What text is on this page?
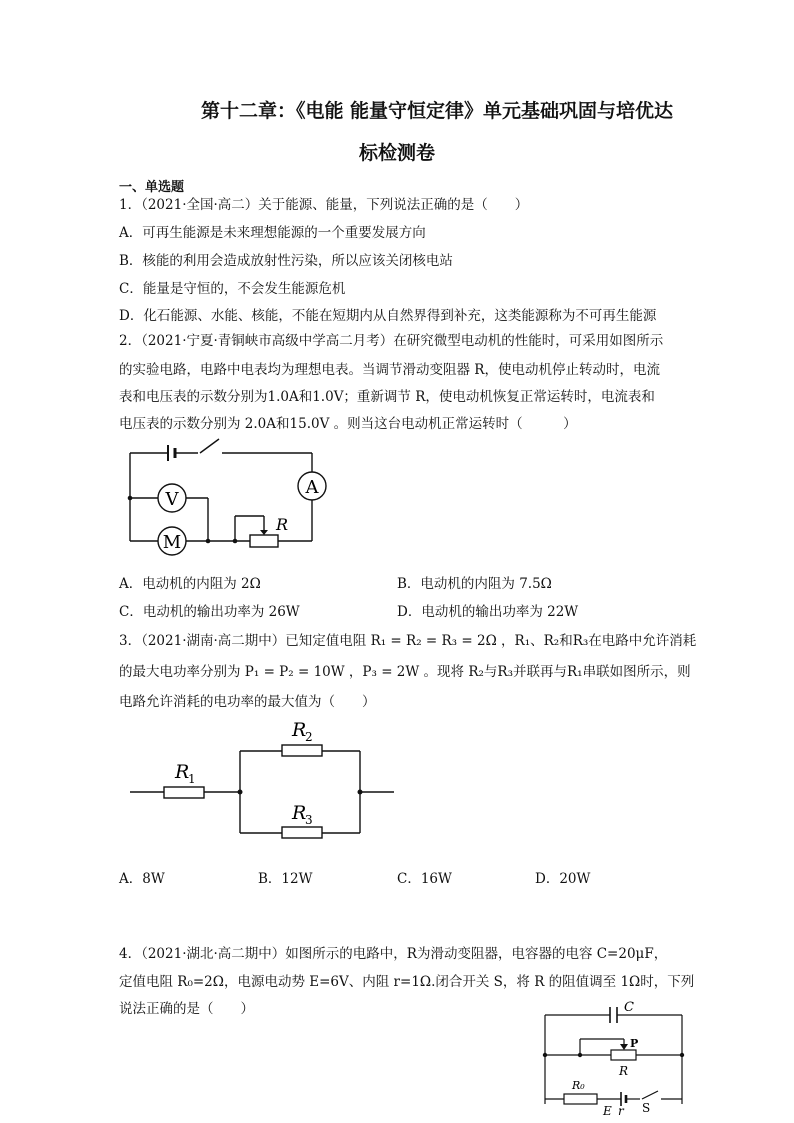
第十二章：《电能 能量守恒定律》单元基础巩固与培优达
标检测卷
一、单选题
1．（2021·全国·高二）关于能源、能量，下列说法正确的是（　　）
A．可再生能源是未来理想能源的一个重要发展方向
B．核能的利用会造成放射性污染，所以应该关闭核电站
C．能量是守恒的，不会发生能源危机
D．化石能源、水能、核能，不能在短期内从自然界得到补充，这类能源称为不可再生能源
2．（2021·宁夏·青铜峡市高级中学高二月考）在研究微型电动机的性能时，可采用如图所示
的实验电路，电路中电表均为理想电表。当调节滑动变阻器 R，使电动机停止转动时，电流
表和电压表的示数分别为1.0A和1.0V；重新调节 R，使电动机恢复正常运转时，电流表和
电压表的示数分别为 2.0A和15.0V 。则当这台电动机正常运转时（　　　）
V
M
A
R
A．电动机的内阻为 2Ω	B．电动机的内阻为 7.5Ω
C．电动机的输出功率为 26W	D．电动机的输出功率为 22W
3．（2021·湖南·高二期中）已知定值电阻 R₁ = R₂ = R₃ = 2Ω ，R₁、R₂和R₃在电路中允许消耗
的最大电功率分别为 P₁ = P₂ = 10W ，P₃ = 2W 。现将 R₂与R₃并联再与R₁串联如图所示，则
电路允许消耗的电功率的最大值为（　　）
R
1
R
2
R
3
A．8W	B．12W	C．16W	D．20W
4．（2021·湖北·高二期中）如图所示的电路中，R为滑动变阻器，电容器的电容 C=20μF，
定值电阻 R₀=2Ω，电源电动势 E=6V、内阻 r=1Ω.闭合开关 S，将 R 的阻值调至 1Ω时，下列
说法正确的是（　　）	C
P
R
R₀
E r S
